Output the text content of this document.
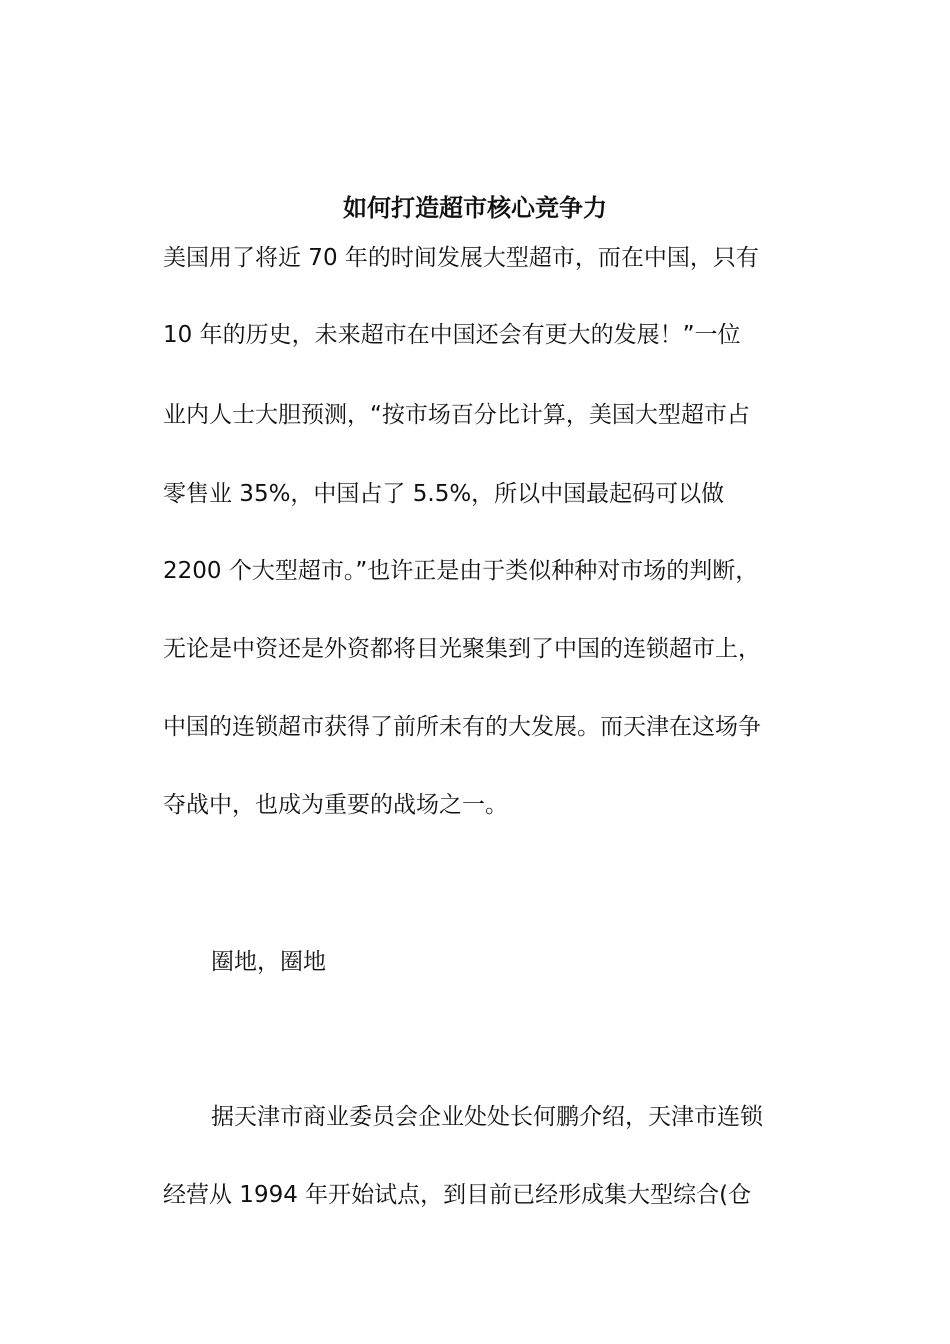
如何打造超市核心竞争力
美国用了将近 70 年的时间发展大型超市，而在中国，只有
10 年的历史，未来超市在中国还会有更大的发展！”一位
业内人士大胆预测，“按市场百分比计算，美国大型超市占
零售业 35%，中国占了 5.5%，所以中国最起码可以做
2200 个大型超市。”也许正是由于类似种种对市场的判断，
无论是中资还是外资都将目光聚集到了中国的连锁超市上，
中国的连锁超市获得了前所未有的大发展。而天津在这场争
夺战中，也成为重要的战场之一。
圈地，圈地
据天津市商业委员会企业处处长何鹏介绍，天津市连锁
经营从 1994 年开始试点，到目前已经形成集大型综合(仓
